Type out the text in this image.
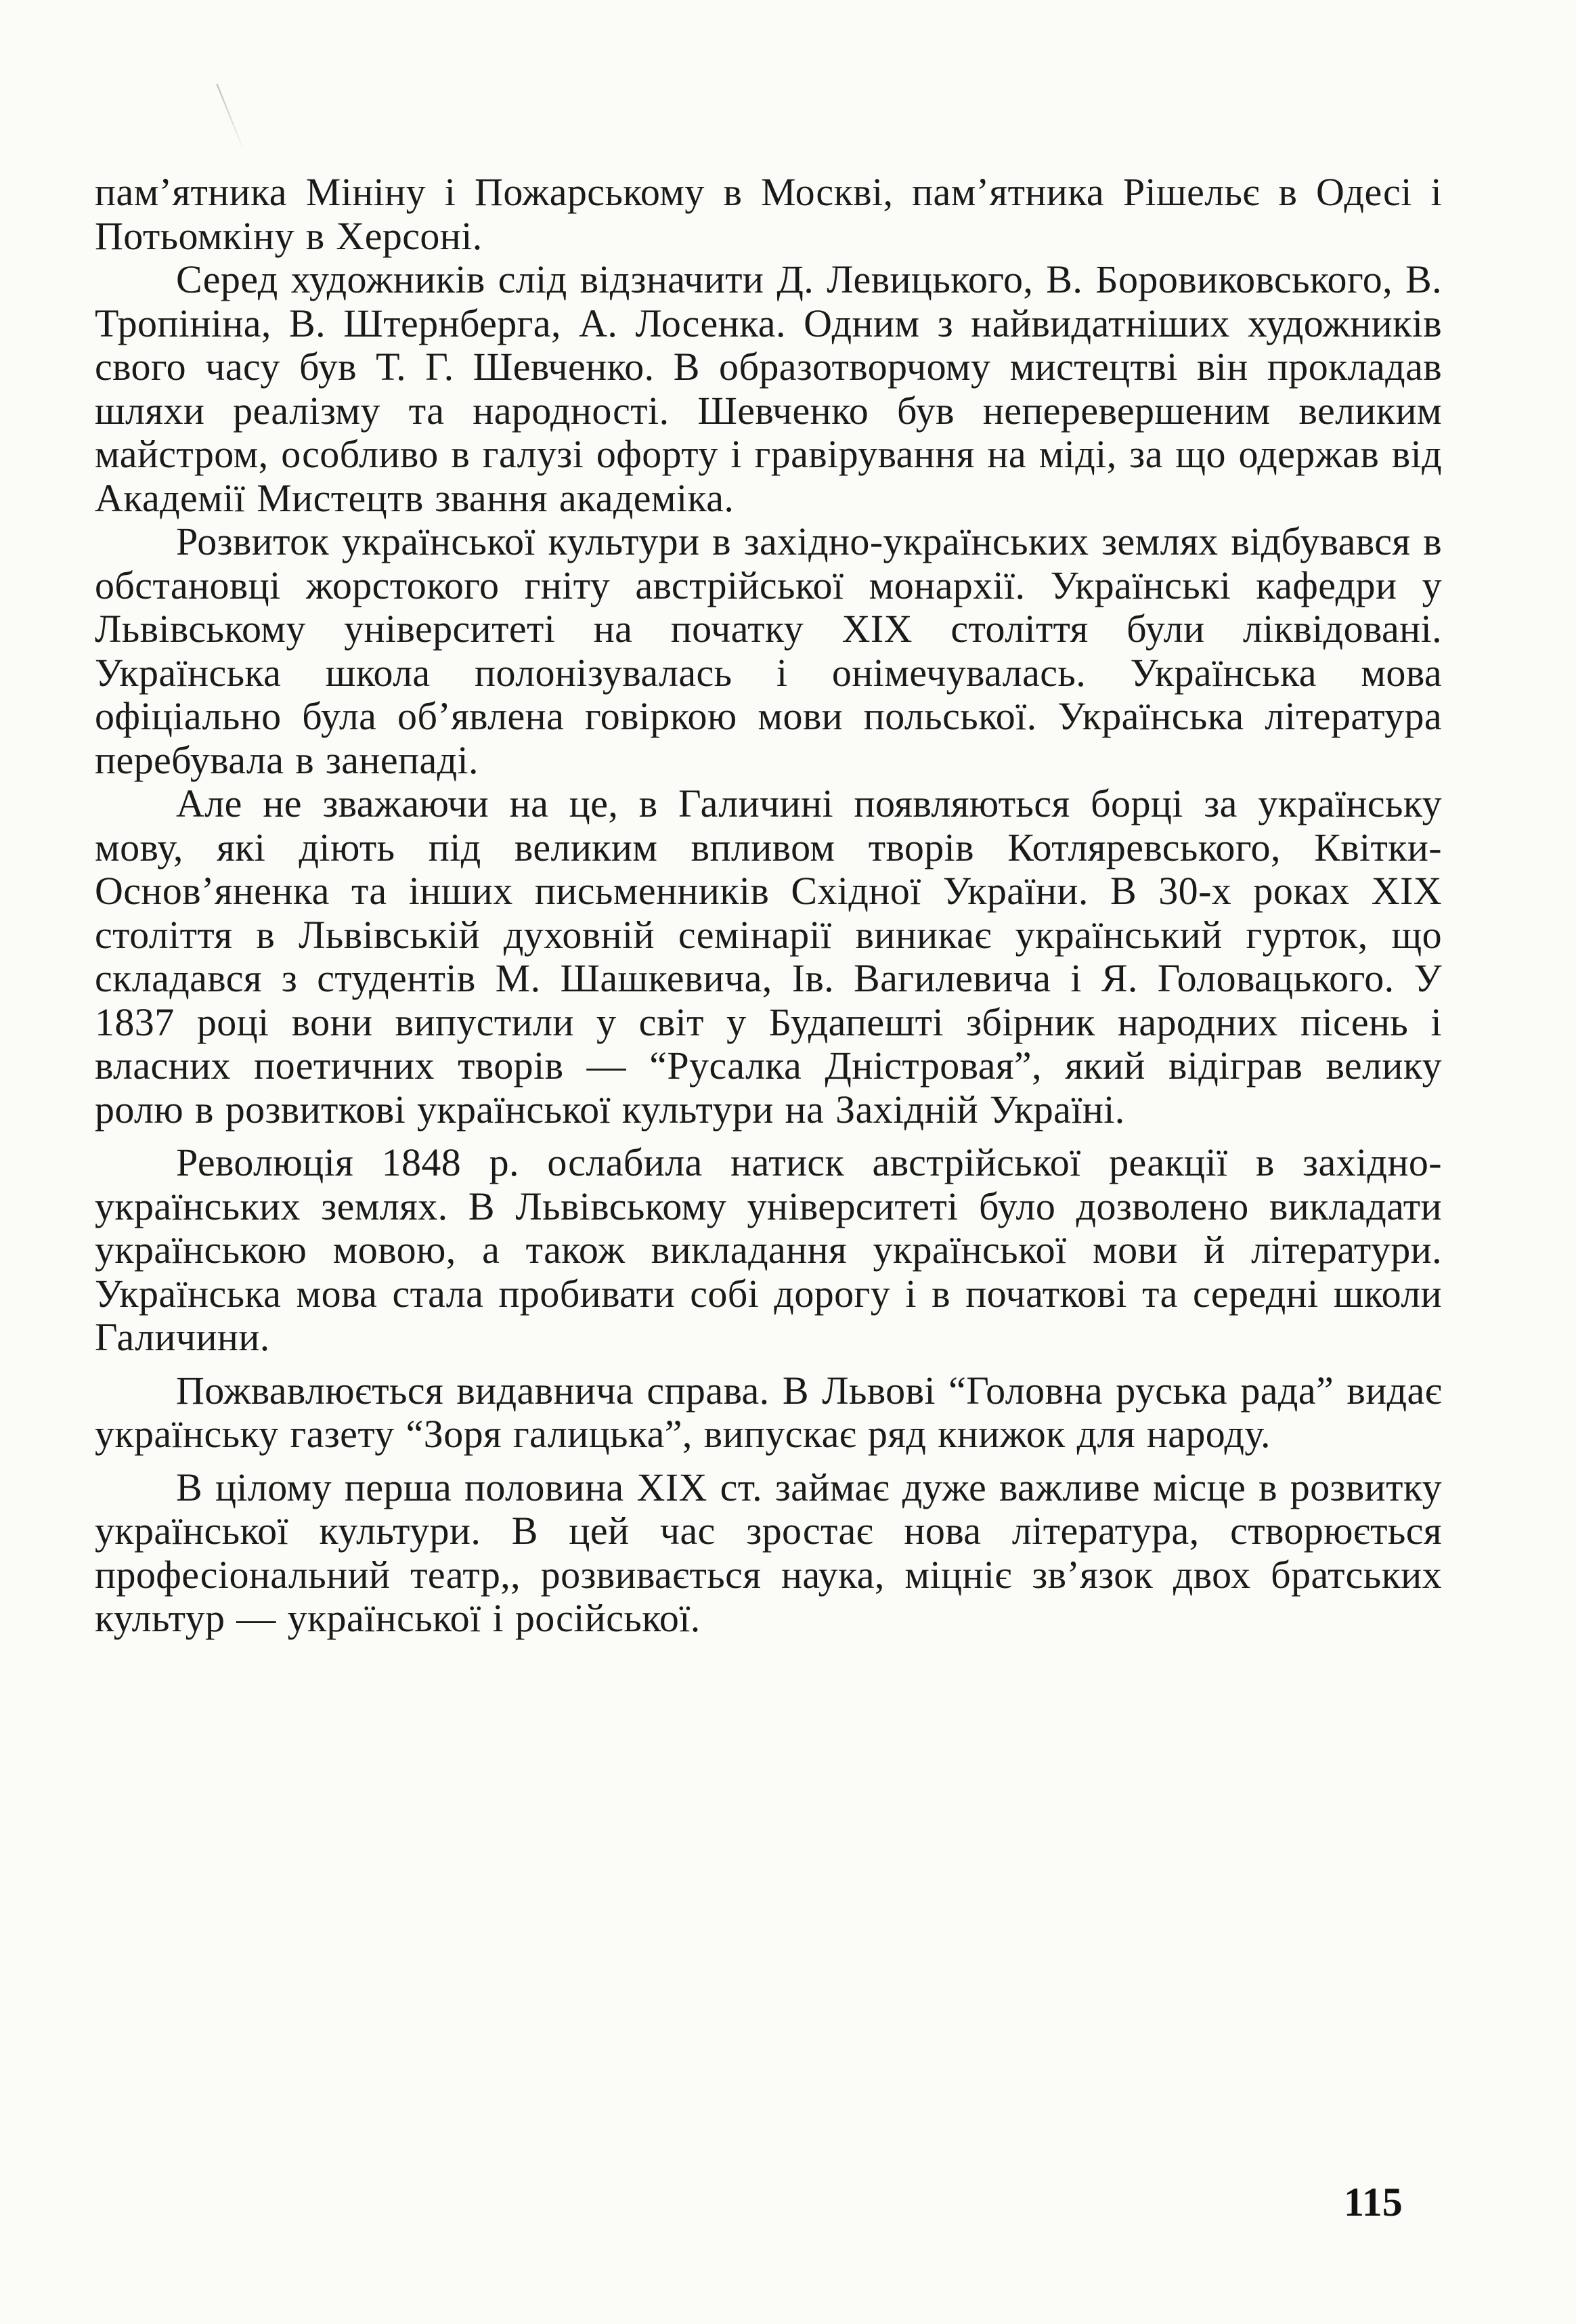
пам’ятника Мініну і Пожарському в Москві, пам’ятника Рішельє в Одесі і Потьомкіну в Херсоні.

Серед художників слід відзначити Д. Левицького, В. Боровиковського, В. Тропініна, В. Штернберга, А. Лосенка. Одним з найвидатніших художників свого часу був Т. Г. Шевченко. В образотворчому мистецтві він прокладав шляхи реалізму та народності. Шевченко був неперевершеним великим майстром, особливо в галузі офорту і гравірування на міді, за що одержав від Академії Мистецтв звання академіка.

Розвиток української культури в західно-українських землях відбувався в обстановці жорстокого гніту австрійської монархії. Українські кафедри у Львівському університеті на початку XIX століття були ліквідовані. Українська школа полонізувалась і онімечувалась. Українська мова офіціально була об’явлена говіркою мови польської. Українська література перебувала в занепаді.

Але не зважаючи на це, в Галичині появляються борці за українську мову, які діють під великим впливом творів Котляревського, Квітки-Основ’яненка та інших письменників Східної України. В 30-х роках XIX століття в Львівській духовній семінарії виникає український гурток, що складався з студентів М. Шашкевича, Ів. Вагилевича і Я. Головацького. У 1837 році вони випустили у світ у Будапешті збірник народних пісень і власних поетичних творів — “Русалка Дністровая”, який відіграв велику ролю в розвиткові української культури на Західній Україні.

Революція 1848 р. ослабила натиск австрійської реакції в західно-українських землях. В Львівському університеті було дозволено викладати українською мовою, а також викладання української мови й літератури. Українська мова стала пробивати собі дорогу і в початкові та середні школи Галичини.

Пожвавлюється видавнича справа. В Львові “Головна руська рада” видає українську газету “Зоря галицька”, випускає ряд книжок для народу.

В цілому перша половина XIX ст. займає дуже важливе місце в розвитку української культури. В цей час зростає нова література, створюється професіональний театр,, розвивається наука, міцніє зв’язок двох братських культур — української і російської.

115
